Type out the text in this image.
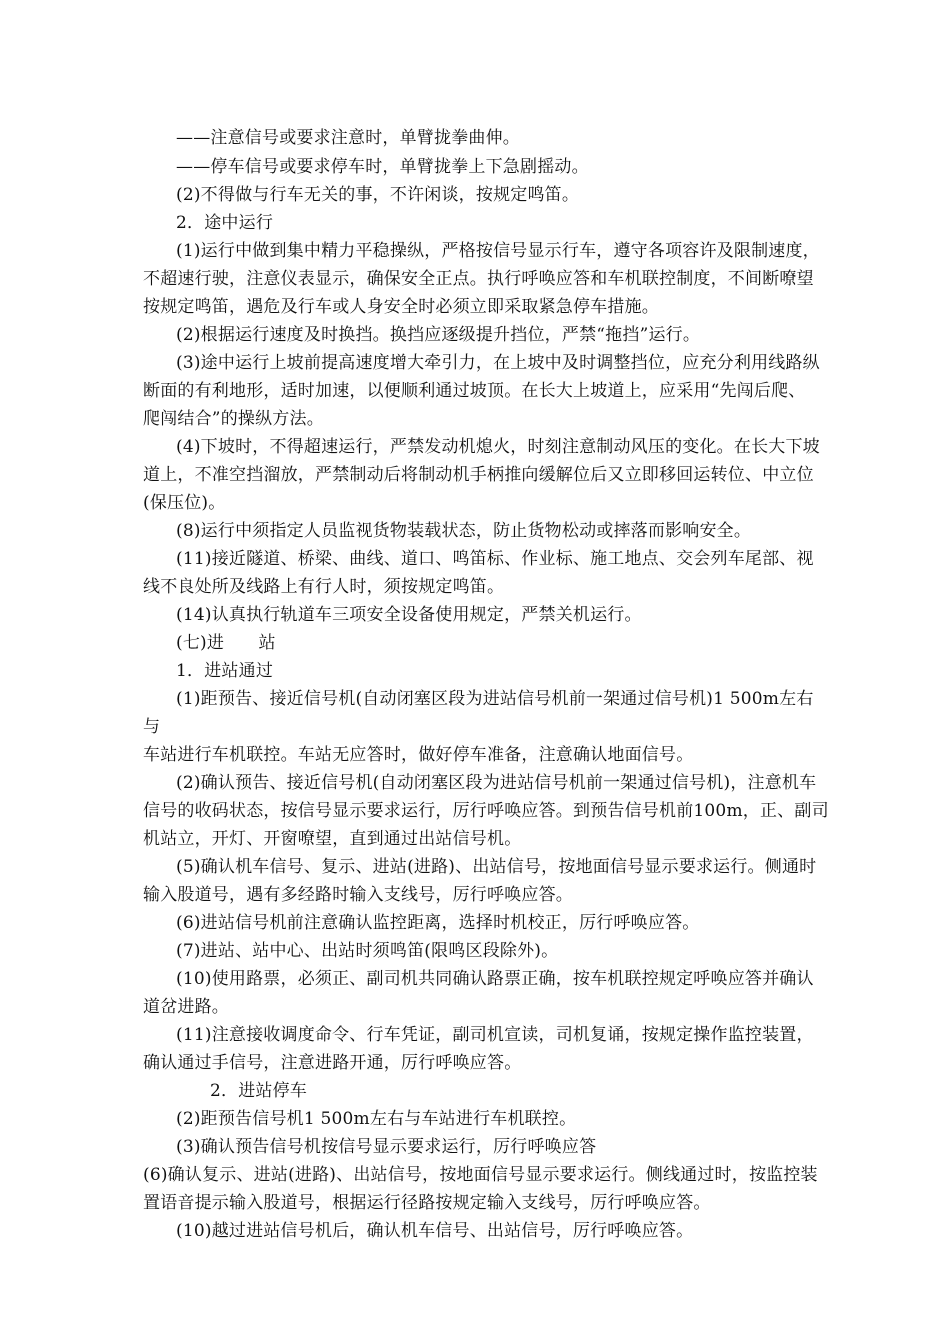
——注意信号或要求注意时，单臂拢拳曲伸。
——停车信号或要求停车时，单臂拢拳上下急剧摇动。
(2)不得做与行车无关的事，不许闲谈，按规定鸣笛。
2．途中运行
(1)运行中做到集中精力平稳操纵，严格按信号显示行车，遵守各项容许及限制速度，
不超速行驶，注意仪表显示，确保安全正点。执行呼唤应答和车机联控制度，不间断嘹望
按规定鸣笛，遇危及行车或人身安全时必须立即采取紧急停车措施。
(2)根据运行速度及时换挡。换挡应逐级提升挡位，严禁“拖挡”运行。
(3)途中运行上坡前提高速度增大牵引力，在上坡中及时调整挡位，应充分利用线路纵
断面的有利地形，适时加速，以便顺利通过坡顶。在长大上坡道上，应采用“先闯后爬、
爬闯结合”的操纵方法。
(4)下坡时，不得超速运行，严禁发动机熄火，时刻注意制动风压的变化。在长大下坡
道上，不准空挡溜放，严禁制动后将制动机手柄推向缓解位后又立即移回运转位、中立位
(保压位)。
(8)运行中须指定人员监视货物装载状态，防止货物松动或摔落而影响安全。
(11)接近隧道、桥梁、曲线、道口、鸣笛标、作业标、施工地点、交会列车尾部、视
线不良处所及线路上有行人时，须按规定鸣笛。
(14)认真执行轨道车三项安全设备使用规定，严禁关机运行。
(七)进　　站
1．进站通过
(1)距预告、接近信号机(自动闭塞区段为进站信号机前一架通过信号机)1 500m左右
与
车站进行车机联控。车站无应答时，做好停车准备，注意确认地面信号。
(2)确认预告、接近信号机(自动闭塞区段为进站信号机前一架通过信号机)，注意机车
信号的收码状态，按信号显示要求运行，厉行呼唤应答。到预告信号机前100m，正、副司
机站立，开灯、开窗嘹望，直到通过出站信号机。
(5)确认机车信号、复示、进站(进路)、出站信号，按地面信号显示要求运行。侧通时
输入股道号，遇有多经路时输入支线号，厉行呼唤应答。
(6)进站信号机前注意确认监控距离，选择时机校正，厉行呼唤应答。
(7)进站、站中心、出站时须鸣笛(限鸣区段除外)。
(10)使用路票，必须正、副司机共同确认路票正确，按车机联控规定呼唤应答并确认
道岔进路。
(11)注意接收调度命令、行车凭证，副司机宣读，司机复诵，按规定操作监控装置，
确认通过手信号，注意进路开通，厉行呼唤应答。
2．进站停车
(2)距预告信号机1 500m左右与车站进行车机联控。
(3)确认预告信号机按信号显示要求运行，厉行呼唤应答
(6)确认复示、进站(进路)、出站信号，按地面信号显示要求运行。侧线通过时，按监控装
置语音提示输入股道号，根据运行径路按规定输入支线号，厉行呼唤应答。
(10)越过进站信号机后，确认机车信号、出站信号，厉行呼唤应答。
